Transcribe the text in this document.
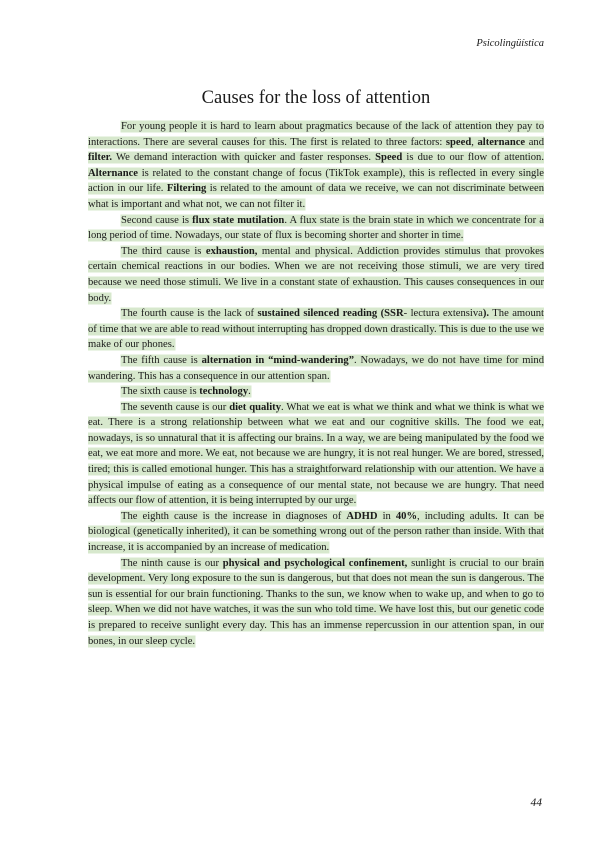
Psicolingüística
Causes for the loss of attention

For young people it is hard to learn about pragmatics because of the lack of attention they pay to interactions. There are several causes for this. The first is related to three factors: speed, alternance and filter. We demand interaction with quicker and faster responses. Speed is due to our flow of attention. Alternance is related to the constant change of focus (TikTok example), this is reflected in every single action in our life. Filtering is related to the amount of data we receive, we can not discriminate between what is important and what not, we can not filter it.

Second cause is flux state mutilation. A flux state is the brain state in which we concentrate for a long period of time. Nowadays, our state of flux is becoming shorter and shorter in time.

The third cause is exhaustion, mental and physical. Addiction provides stimulus that provokes certain chemical reactions in our bodies. When we are not receiving those stimuli, we are very tired because we need those stimuli. We live in a constant state of exhaustion. This causes consequences in our body.

The fourth cause is the lack of sustained silenced reading (SSR- lectura extensiva). The amount of time that we are able to read without interrupting has dropped down drastically. This is due to the use we make of our phones.

The fifth cause is alternation in “mind-wandering”. Nowadays, we do not have time for mind wandering. This has a consequence in our attention span.

The sixth cause is technology.

The seventh cause is our diet quality. What we eat is what we think and what we think is what we eat. There is a strong relationship between what we eat and our cognitive skills. The food we eat, nowadays, is so unnatural that it is affecting our brains. In a way, we are being manipulated by the food we eat, we eat more and more. We eat, not because we are hungry, it is not real hunger. We are bored, stressed, tired; this is called emotional hunger. This has a straightforward relationship with our attention. We have a physical impulse of eating as a consequence of our mental state, not because we are hungry. That need affects our flow of attention, it is being interrupted by our urge.

The eighth cause is the increase in diagnoses of ADHD in 40%, including adults. It can be biological (genetically inherited), it can be something wrong out of the person rather than inside. With that increase, it is accompanied by an increase of medication.

The ninth cause is our physical and psychological confinement, sunlight is crucial to our brain development. Very long exposure to the sun is dangerous, but that does not mean the sun is dangerous. The sun is essential for our brain functioning. Thanks to the sun, we know when to wake up, and when to go to sleep. When we did not have watches, it was the sun who told time. We have lost this, but our genetic code is prepared to receive sunlight every day. This has an immense repercussion in our attention span, in our bones, in our sleep cycle.

44
